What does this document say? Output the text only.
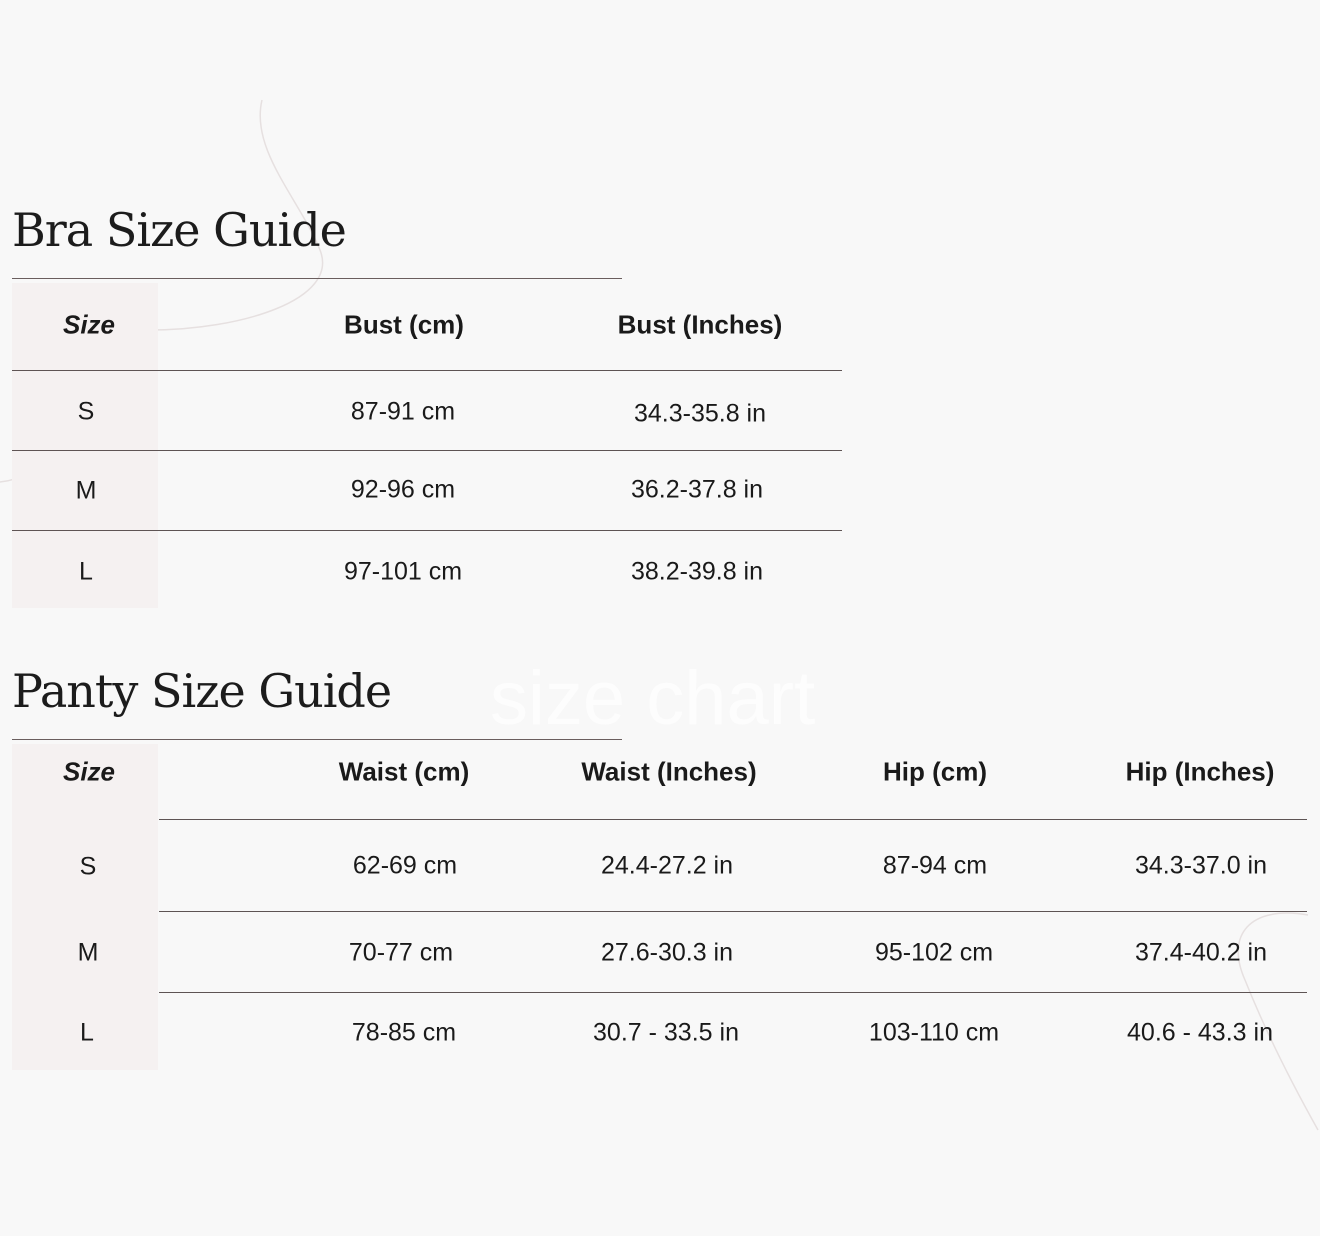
Bra Size Guide
Size	Bust (cm)	Bust (Inches)
S	87-91 cm	34.3-35.8 in
M	92-96 cm	36.2-37.8 in
L	97-101 cm	38.2-39.8 in
Panty Size Guide size chart
Size	Waist (cm)	Waist (Inches)	Hip (cm)	Hip (Inches)
S	62-69 cm	24.4-27.2 in	87-94 cm	34.3-37.0 in
M	70-77 cm	27.6-30.3 in	95-102 cm	37.4-40.2 in
L	78-85 cm	30.7 - 33.5 in	103-110 cm	40.6 - 43.3 in
